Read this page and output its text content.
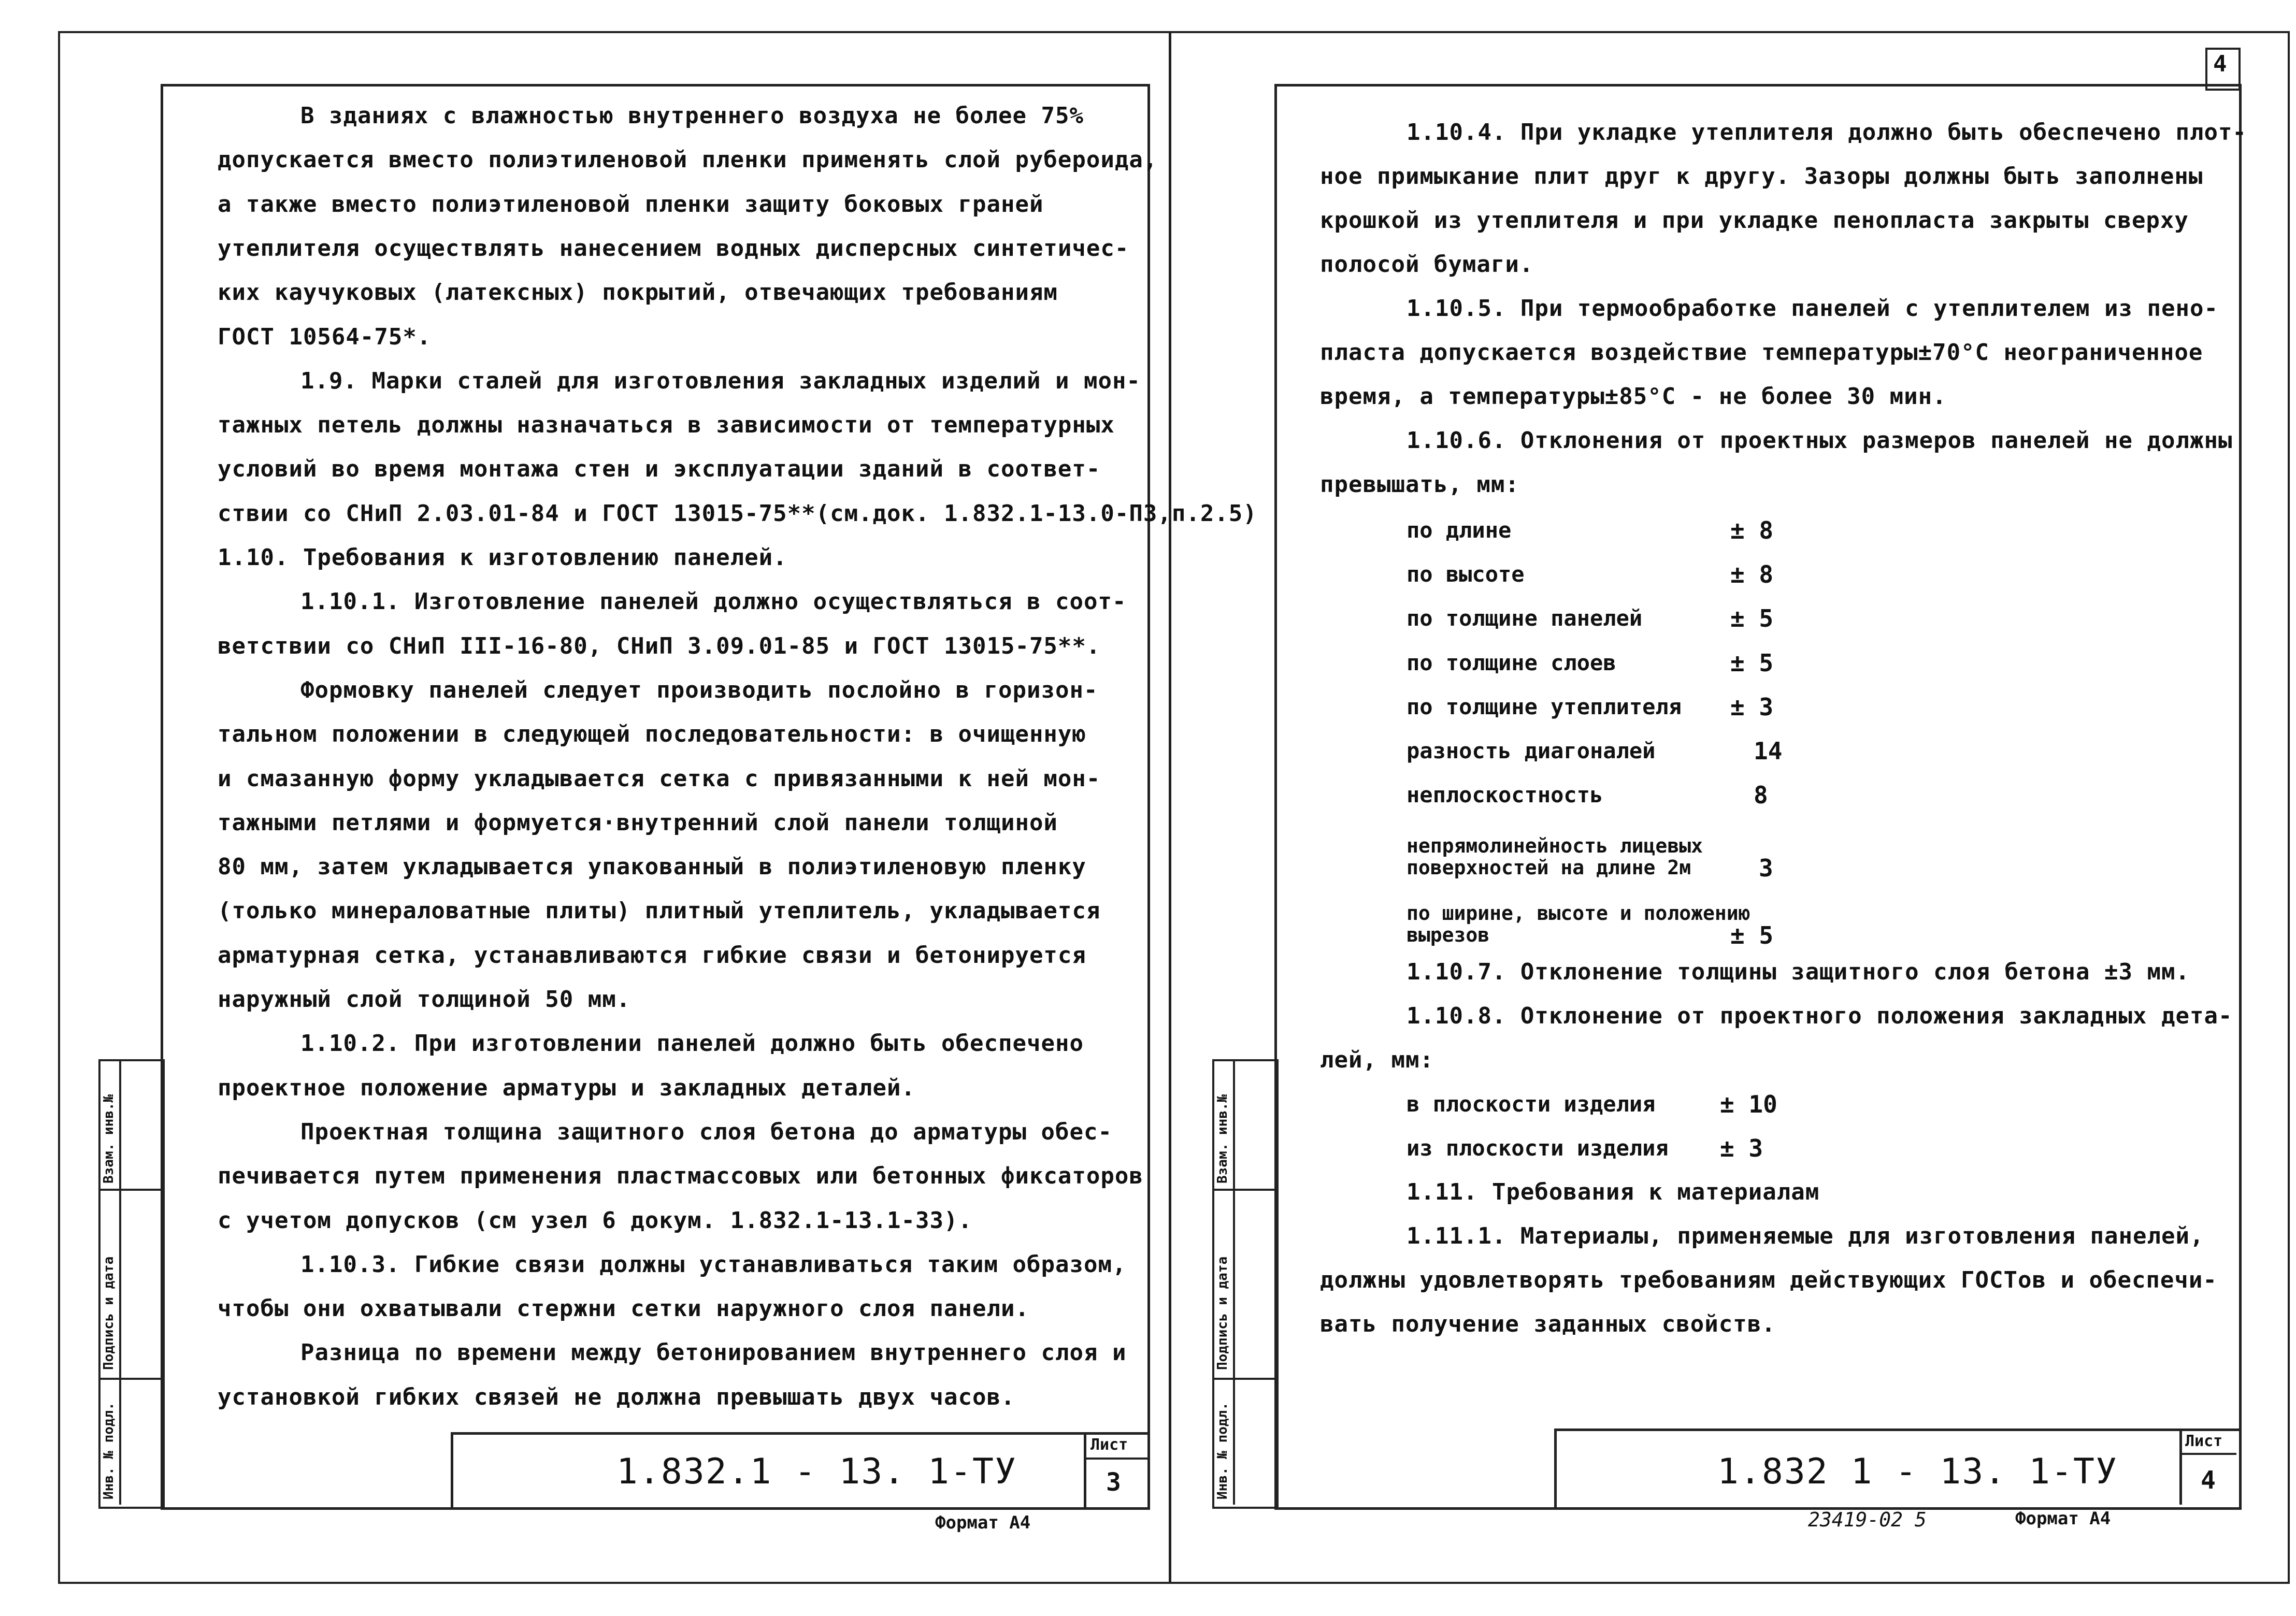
В зданиях с влажностью внутреннего воздуха не более 75%
допускается вместо полиэтиленовой пленки применять слой рубероида,
а также вместо полиэтиленовой пленки защиту боковых граней
утеплителя осуществлять нанесением водных дисперсных синтетичес-
ких каучуковых (латексных) покрытий, отвечающих требованиям
ГОСТ 10564-75*.
1.9. Марки сталей для изготовления закладных изделий и мон-
тажных петель должны назначаться в зависимости от температурных
условий во время монтажа стен и эксплуатации зданий в соответ-
ствии со СНиП 2.03.01-84 и ГОСТ 13015-75**(см.док. 1.832.1-13.0-ПЗ,п.2.5)
1.10. Требования к изготовлению панелей.
1.10.1. Изготовление панелей должно осуществляться в соот-
ветствии со СНиП III-16-80, СНиП 3.09.01-85 и ГОСТ 13015-75**.
Формовку панелей следует производить послойно в горизон-
тальном положении в следующей последовательности: в очищенную
и смазанную форму укладывается сетка с привязанными к ней мон-
тажными петлями и формуется·внутренний слой панели толщиной
80 мм, затем укладывается упакованный в полиэтиленовую пленку
(только минераловатные плиты) плитный утеплитель, укладывается
арматурная сетка, устанавливаются гибкие связи и бетонируется
наружный слой толщиной 50 мм.
1.10.2. При изготовлении панелей должно быть обеспечено
проектное положение арматуры и закладных деталей.
Проектная толщина защитного слоя бетона до арматуры обес-
печивается путем применения пластмассовых или бетонных фиксаторов
с учетом допусков (см узел 6 докум. 1.832.1-13.1-33).
1.10.3. Гибкие связи должны устанавливаться таким образом,
чтобы они охватывали стержни сетки наружного слоя панели.
Разница по времени между бетонированием внутреннего слоя и
установкой гибких связей не должна превышать двух часов.
1.832.1 - 13. 1-ТУ
Лист
3
Формат А4
Инв. № подл.
Подпись и дата
Взам. инв.№
4
1.10.4. При укладке утеплителя должно быть обеспечено плот-
ное примыкание плит друг к другу. Зазоры должны быть заполнены
крошкой из утеплителя и при укладке пенопласта закрыты сверху
полосой бумаги.
1.10.5. При термообработке панелей с утеплителем из пено-
пласта допускается воздействие температуры±70°С неограниченное
время, а температуры±85°С - не более 30 мин.
1.10.6. Отклонения от проектных размеров панелей не должны
превышать, мм:
по длине	± 8
по высоте	± 8
по толщине панелей	± 5
по толщине слоев	± 5
по толщине утеплителя ± 3
разность диагоналей	14
неплоскостность	8
непрямолинейность лицевых поверхностей на длине 2м	3
по ширине, высоте и положению вырезов	± 5
1.10.7. Отклонение толщины защитного слоя бетона ±3 мм.
1.10.8. Отклонение от проектного положения закладных дета-
лей, мм:
в плоскости изделия	± 10
из плоскости изделия ± 3
1.11. Требования к материалам
1.11.1. Материалы, применяемые для изготовления панелей,
должны удовлетворять требованиям действующих ГОСТов и обеспечи-
вать получение заданных свойств.
1.832 1 - 13. 1-ТУ
Лист
4
23419-02 5	Формат А4
Инв. № подл.
Подпись и дата
Взам. инв.№
